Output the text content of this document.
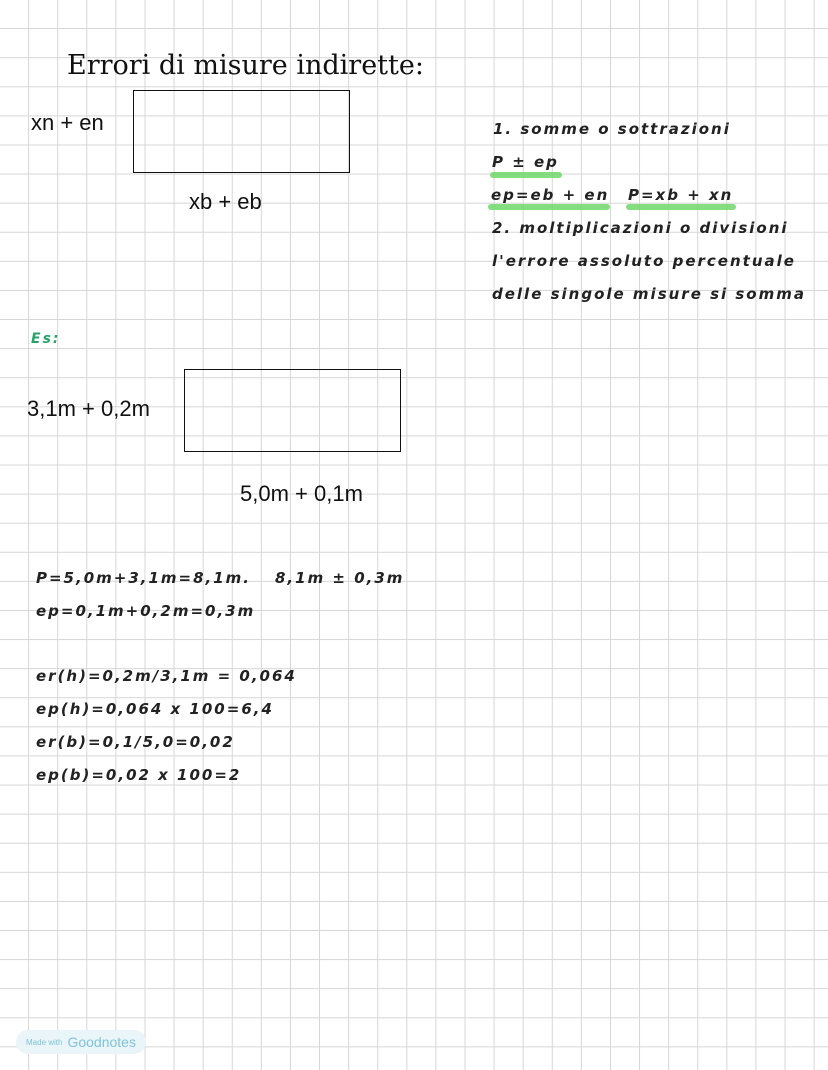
Errori di misure indirette:
xn + en
xb + eb
1. somme o sottrazioni
P ± ep
ep=eb + en P=xb + xn
2. moltiplicazioni o divisioni
l'errore assoluto percentuale
delle singole misure si somma
Es:
3,1m + 0,2m
5,0m + 0,1m
P=5,0m+3,1m=8,1m. 8,1m ± 0,3m
ep=0,1m+0,2m=0,3m
er(h)=0,2m/3,1m = 0,064
ep(h)=0,064 x 100=6,4
er(b)=0,1/5,0=0,02
ep(b)=0,02 x 100=2
Made with Goodnotes
